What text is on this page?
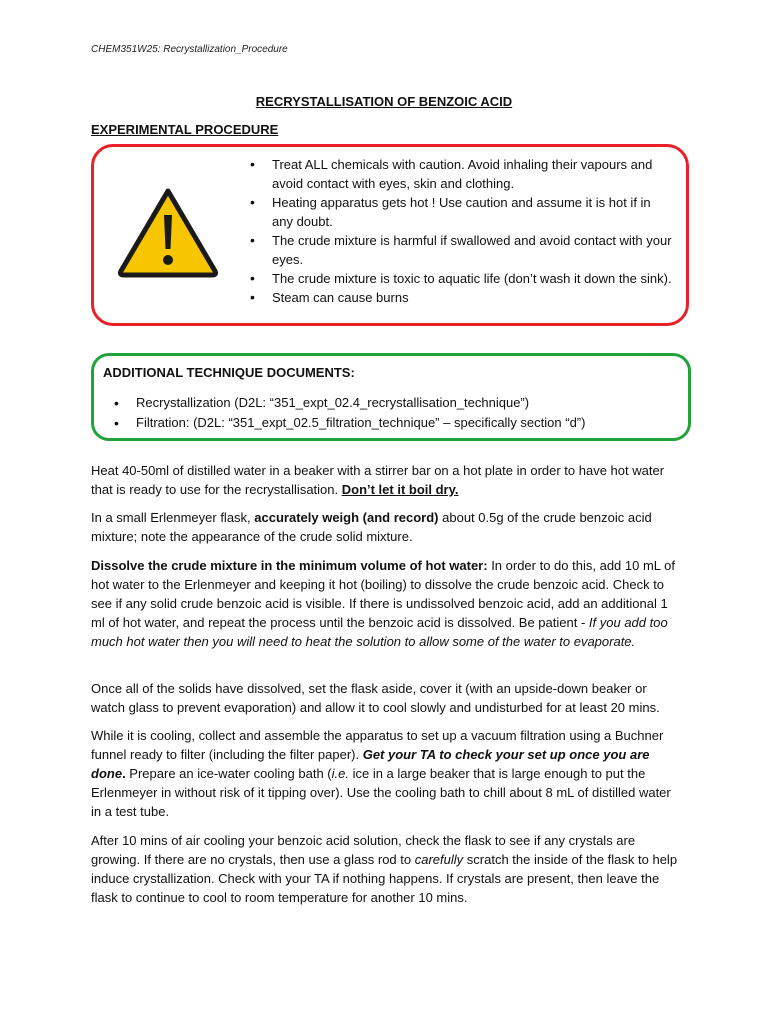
CHEM351W25: Recrystallization_Procedure
RECRYSTALLISATION OF BENZOIC ACID
EXPERIMENTAL PROCEDURE
• Treat ALL chemicals with caution. Avoid inhaling their vapours and avoid contact with eyes, skin and clothing.
• Heating apparatus gets hot ! Use caution and assume it is hot if in any doubt.
• The crude mixture is harmful if swallowed and avoid contact with your eyes.
• The crude mixture is toxic to aquatic life (don’t wash it down the sink).
• Steam can cause burns
ADDITIONAL TECHNIQUE DOCUMENTS:
• Recrystallization (D2L: “351_expt_02.4_recrystallisation_technique”)
• Filtration: (D2L: “351_expt_02.5_filtration_technique” – specifically section “d”)

Heat 40-50ml of distilled water in a beaker with a stirrer bar on a hot plate in order to have hot water that is ready to use for the recrystallisation. Don’t let it boil dry.

In a small Erlenmeyer flask, accurately weigh (and record) about 0.5g of the crude benzoic acid mixture; note the appearance of the crude solid mixture.

Dissolve the crude mixture in the minimum volume of hot water: In order to do this, add 10 mL of hot water to the Erlenmeyer and keeping it hot (boiling) to dissolve the crude benzoic acid. Check to see if any solid crude benzoic acid is visible. If there is undissolved benzoic acid, add an additional 1 ml of hot water, and repeat the process until the benzoic acid is dissolved. Be patient - If you add too much hot water then you will need to heat the solution to allow some of the water to evaporate.

Once all of the solids have dissolved, set the flask aside, cover it (with an upside-down beaker or watch glass to prevent evaporation) and allow it to cool slowly and undisturbed for at least 20 mins.

While it is cooling, collect and assemble the apparatus to set up a vacuum filtration using a Buchner funnel ready to filter (including the filter paper). Get your TA to check your set up once you are done. Prepare an ice-water cooling bath (i.e. ice in a large beaker that is large enough to put the Erlenmeyer in without risk of it tipping over). Use the cooling bath to chill about 8 mL of distilled water in a test tube.

After 10 mins of air cooling your benzoic acid solution, check the flask to see if any crystals are growing. If there are no crystals, then use a glass rod to carefully scratch the inside of the flask to help induce crystallization. Check with your TA if nothing happens. If crystals are present, then leave the flask to continue to cool to room temperature for another 10 mins.
